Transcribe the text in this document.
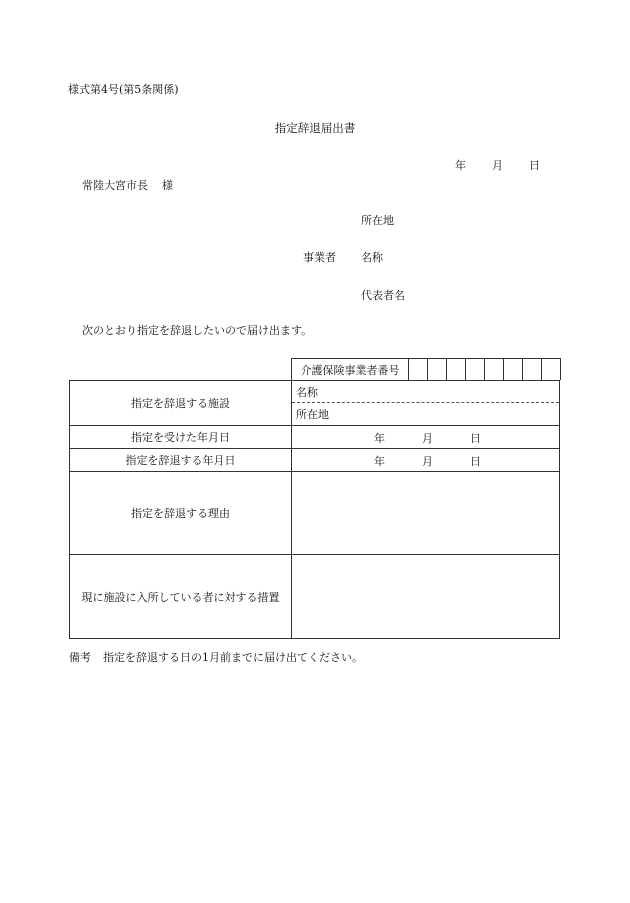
様式第4号(第5条関係)
指定辞退届出書
年 月 日
常陸大宮市長 様
所在地
事業者 名称
代表者名
次のとおり指定を辞退したいので届け出ます。
介護保険事業者番号
指定を辞退する施設	名称
所在地

指定を受けた年月日	年 月 日

指定を辞退する年月日	年 月 日

指定を辞退する理由	
現に施設に入所している者に対する措置	
備考 指定を辞退する日の1月前までに届け出てください。
